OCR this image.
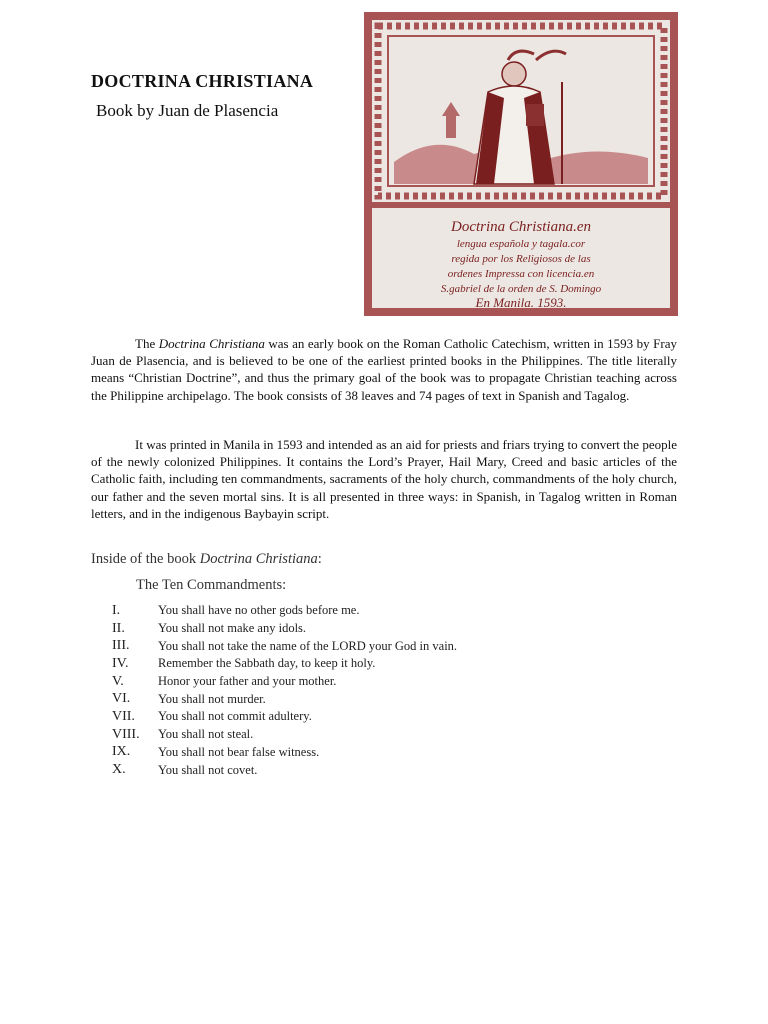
DOCTRINA CHRISTIANA
Book by Juan de Plasencia
Doctrina Christiana.en
lengua española y tagala.cor
regida por los Religiosos de las
ordenes Impressa con licencia.en
S.gabriel de la orden de S. Domingo
En Manila. 1593.

The Doctrina Christiana was an early book on the Roman Catholic Catechism, written in 1593 by Fray Juan de Plasencia, and is believed to be one of the earliest printed books in the Philippines. The title literally means “Christian Doctrine”, and thus the primary goal of the book was to propagate Christian teaching across the Philippine archipelago. The book consists of 38 leaves and 74 pages of text in Spanish and Tagalog.

It was printed in Manila in 1593 and intended as an aid for priests and friars trying to convert the people of the newly colonized Philippines. It contains the Lord’s Prayer, Hail Mary, Creed and basic articles of the Catholic faith, including ten commandments, sacraments of the holy church, commandments of the holy church, our father and the seven mortal sins. It is all presented in three ways: in Spanish, in Tagalog written in Roman letters, and in the indigenous Baybayin script.

Inside of the book Doctrina Christiana:
The Ten Commandments:
I.	You shall have no other gods before me.
II.	You shall not make any idols.
III.	You shall not take the name of the LORD your God in vain.
IV.	Remember the Sabbath day, to keep it holy.
V.	Honor your father and your mother.
VI.	You shall not murder.
VII.	You shall not commit adultery.
VIII.	You shall not steal.
IX.	You shall not bear false witness.
X.	You shall not covet.
